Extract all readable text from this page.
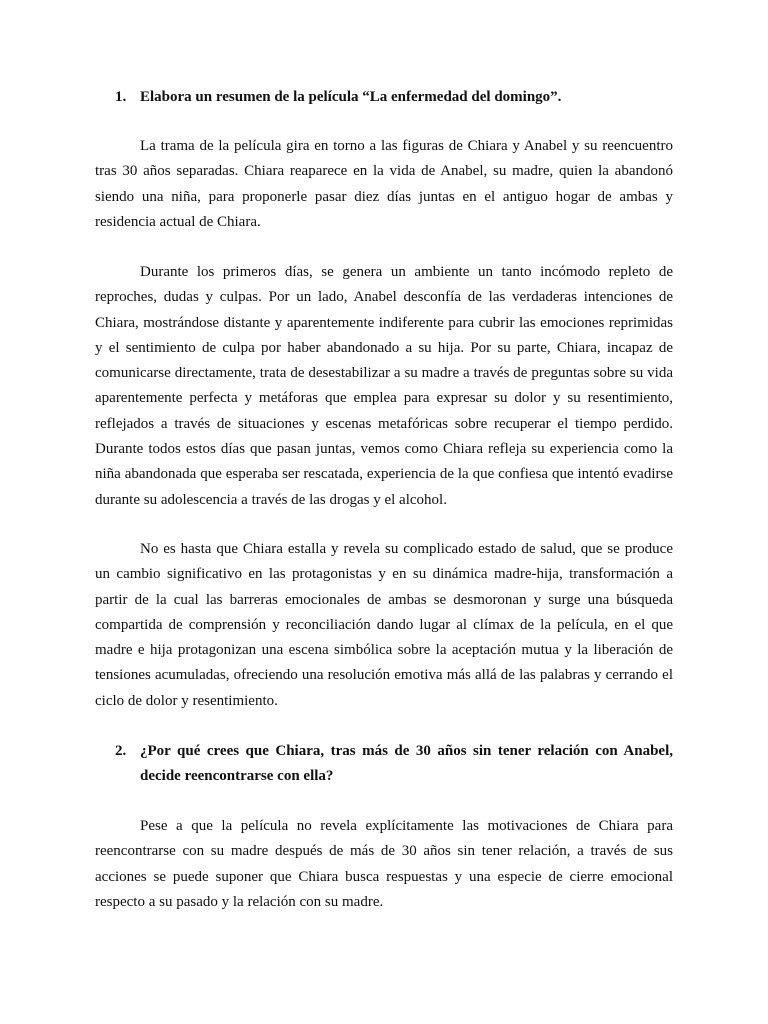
1. Elabora un resumen de la película “La enfermedad del domingo”.

La trama de la película gira en torno a las figuras de Chiara y Anabel y su reencuentro tras 30 años separadas. Chiara reaparece en la vida de Anabel, su madre, quien la abandonó siendo una niña, para proponerle pasar diez días juntas en el antiguo hogar de ambas y residencia actual de Chiara.

Durante los primeros días, se genera un ambiente un tanto incómodo repleto de reproches, dudas y culpas. Por un lado, Anabel desconfía de las verdaderas intenciones de Chiara, mostrándose distante y aparentemente indiferente para cubrir las emociones reprimidas y el sentimiento de culpa por haber abandonado a su hija. Por su parte, Chiara, incapaz de comunicarse directamente, trata de desestabilizar a su madre a través de preguntas sobre su vida aparentemente perfecta y metáforas que emplea para expresar su dolor y su resentimiento, reflejados a través de situaciones y escenas metafóricas sobre recuperar el tiempo perdido. Durante todos estos días que pasan juntas, vemos como Chiara refleja su experiencia como la niña abandonada que esperaba ser rescatada, experiencia de la que confiesa que intentó evadirse durante su adolescencia a través de las drogas y el alcohol.

No es hasta que Chiara estalla y revela su complicado estado de salud, que se produce un cambio significativo en las protagonistas y en su dinámica madre-hija, transformación a partir de la cual las barreras emocionales de ambas se desmoronan y surge una búsqueda compartida de comprensión y reconciliación dando lugar al clímax de la película, en el que madre e hija protagonizan una escena simbólica sobre la aceptación mutua y la liberación de tensiones acumuladas, ofreciendo una resolución emotiva más allá de las palabras y cerrando el ciclo de dolor y resentimiento.

2. ¿Por qué crees que Chiara, tras más de 30 años sin tener relación con Anabel, decide reencontrarse con ella?

Pese a que la película no revela explícitamente las motivaciones de Chiara para reencontrarse con su madre después de más de 30 años sin tener relación, a través de sus acciones se puede suponer que Chiara busca respuestas y una especie de cierre emocional respecto a su pasado y la relación con su madre.
